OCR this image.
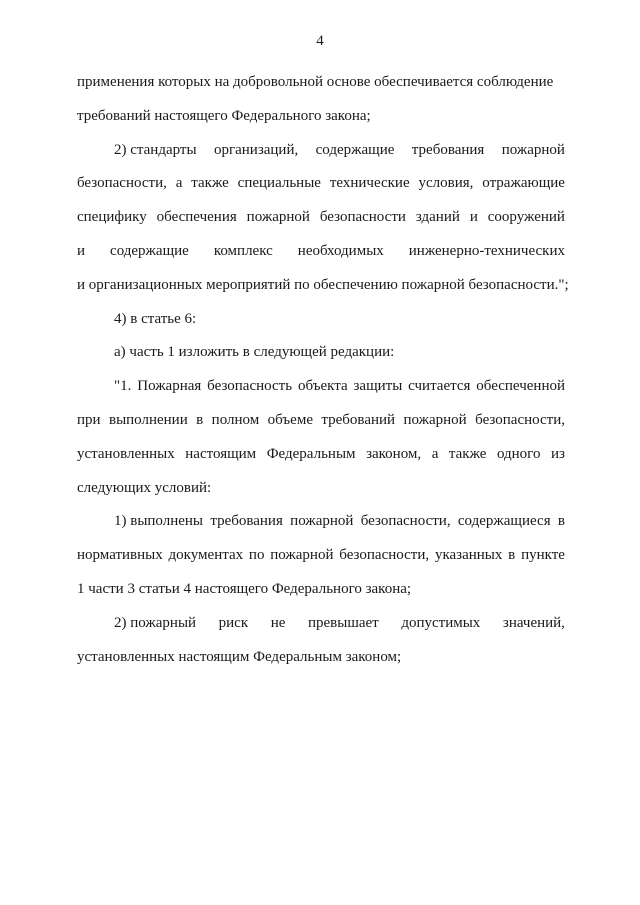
4
применения которых на добровольной основе обеспечивается соблюдение
требований настоящего Федерального закона;
2) стандарты организаций, содержащие требования пожарной
безопасности, а также специальные технические условия, отражающие
специфику обеспечения пожарной безопасности зданий и сооружений
и содержащие комплекс необходимых инженерно-технических
и организационных мероприятий по обеспечению пожарной безопасности.";
4) в статье 6:
а) часть 1 изложить в следующей редакции:
"1. Пожарная безопасность объекта защиты считается обеспеченной
при выполнении в полном объеме требований пожарной безопасности,
установленных настоящим Федеральным законом, а также одного из
следующих условий:
1) выполнены требования пожарной безопасности, содержащиеся в
нормативных документах по пожарной безопасности, указанных в пункте
1 части 3 статьи 4 настоящего Федерального закона;
2) пожарный риск не превышает допустимых значений,
установленных настоящим Федеральным законом;
